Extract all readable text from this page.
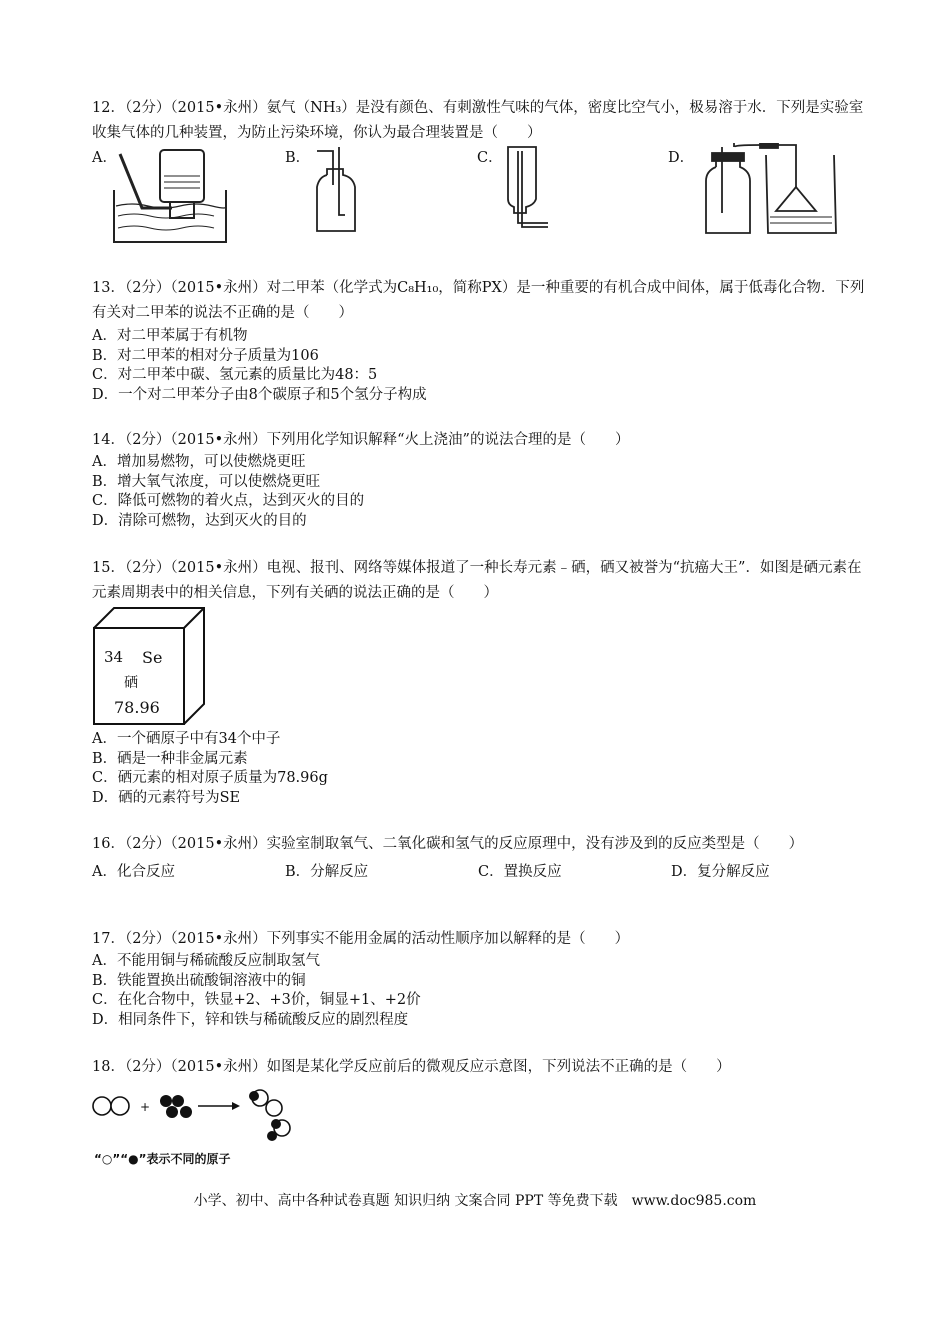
12．（2分）（2015•永州）氨气（NH₃）是没有颜色、有刺激性气味的气体，密度比空气小，极易溶于水．下列是实验室收集气体的几种装置，为防止污染环境，你认为最合理装置是（　　）
A．	B．	C．	D．
13．（2分）（2015•永州）对二甲苯（化学式为C₈H₁₀，简称PX）是一种重要的有机合成中间体，属于低毒化合物．下列有关对二甲苯的说法不正确的是（　　）
A．对二甲苯属于有机物
B．对二甲苯的相对分子质量为106
C．对二甲苯中碳、氢元素的质量比为48：5
D．一个对二甲苯分子由8个碳原子和5个氢分子构成
14．（2分）（2015•永州）下列用化学知识解释“火上浇油”的说法合理的是（　　）
A．增加易燃物，可以使燃烧更旺
B．增大氧气浓度，可以使燃烧更旺
C．降低可燃物的着火点，达到灭火的目的
D．清除可燃物，达到灭火的目的
15．（2分）（2015•永州）电视、报刊、网络等媒体报道了一种长寿元素﹣硒，硒又被誉为“抗癌大王”．如图是硒元素在元素周期表中的相关信息，下列有关硒的说法正确的是（　　）
34 Se
硒
78.96
A．一个硒原子中有34个中子
B．硒是一种非金属元素
C．硒元素的相对原子质量为78.96g
D．硒的元素符号为SE
16．（2分）（2015•永州）实验室制取氧气、二氧化碳和氢气的反应原理中，没有涉及到的反应类型是（　　）
A．化合反应	B．分解反应	C．置换反应	D．复分解反应
17．（2分）（2015•永州）下列事实不能用金属的活动性顺序加以解释的是（　　）
A．不能用铜与稀硫酸反应制取氢气
B．铁能置换出硫酸铜溶液中的铜
C．在化合物中，铁显+2、+3价，铜显+1、+2价
D．相同条件下，锌和铁与稀硫酸反应的剧烈程度
18．（2分）（2015•永州）如图是某化学反应前后的微观反应示意图，下列说法不正确的是（　　）
+
“○”“●”表示不同的原子
小学、初中、高中各种试卷真题 知识归纳 文案合同 PPT 等免费下载　www.doc985.com
